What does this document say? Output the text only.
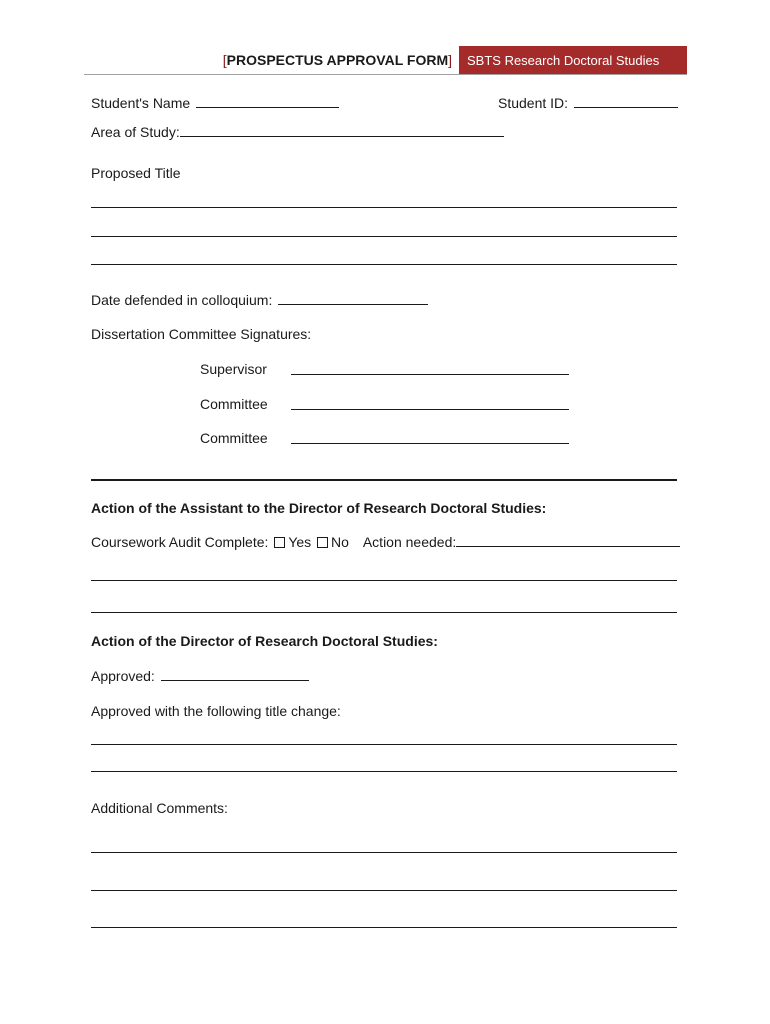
[PROSPECTUS APPROVAL FORM]	SBTS Research Doctoral Studies
Student's Name	Student ID:
Area of Study:
Proposed Title
Date defended in colloquium:
Dissertation Committee Signatures:
Supervisor
Committee
Committee
Action of the Assistant to the Director of Research Doctoral Studies:
Coursework Audit Complete: Yes No Action needed:
Action of the Director of Research Doctoral Studies:
Approved:
Approved with the following title change:
Additional Comments:
